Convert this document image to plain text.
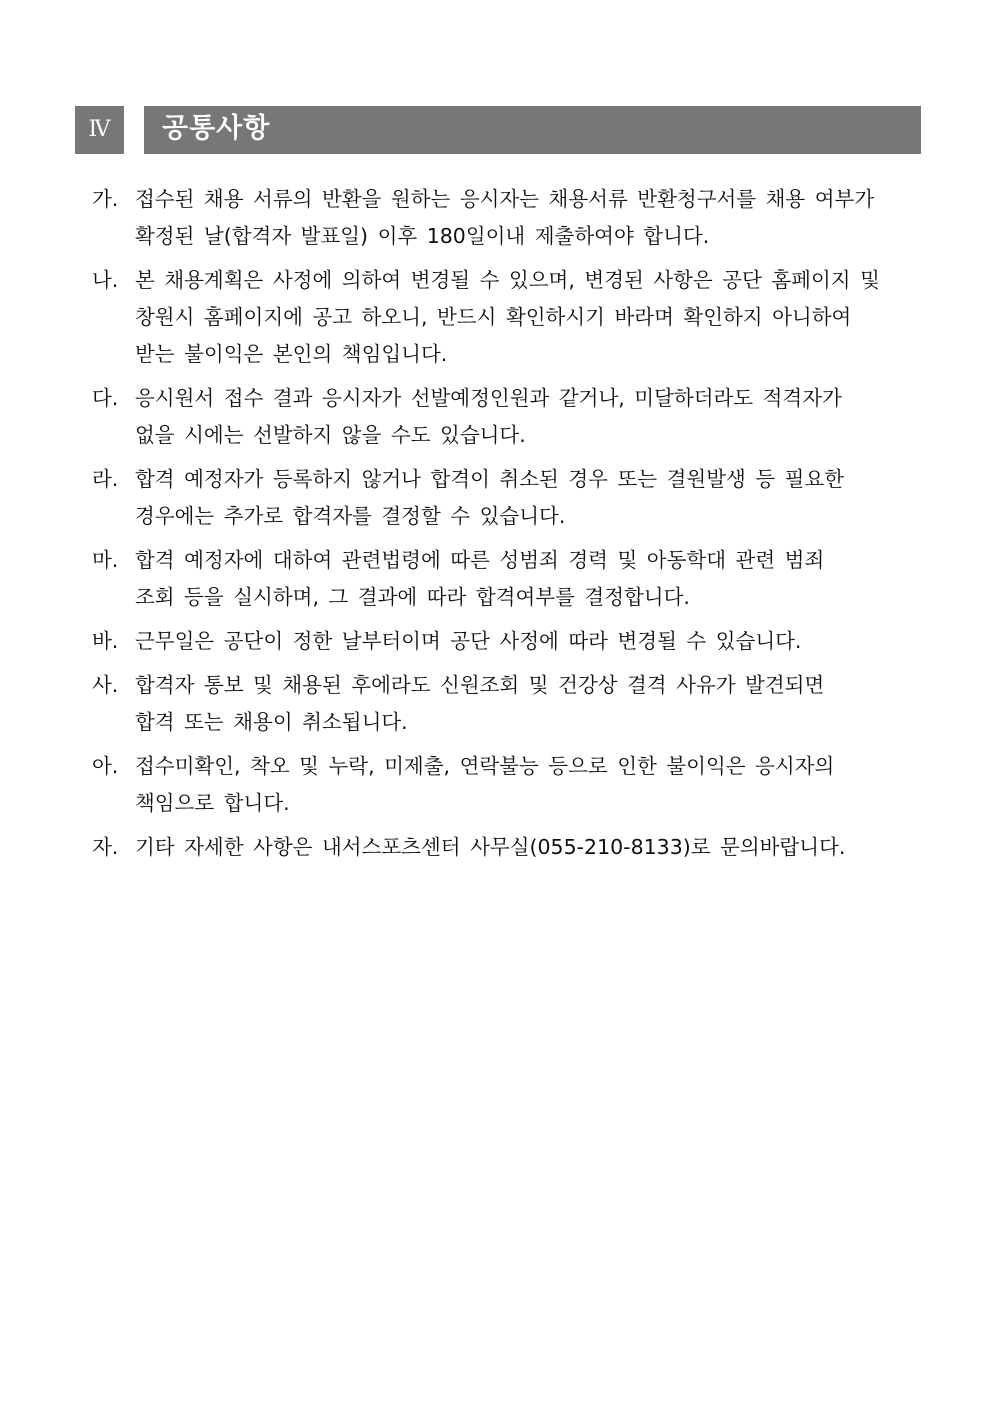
Ⅳ	공통사항
가. 접수된 채용 서류의 반환을 원하는 응시자는 채용서류 반환청구서를 채용 여부가
확정된 날(합격자 발표일) 이후 180일이내 제출하여야 합니다.
나. 본 채용계획은 사정에 의하여 변경될 수 있으며, 변경된 사항은 공단 홈페이지 및
창원시 홈페이지에 공고 하오니, 반드시 확인하시기 바라며 확인하지 아니하여
받는 불이익은 본인의 책임입니다.
다. 응시원서 접수 결과 응시자가 선발예정인원과 같거나, 미달하더라도 적격자가
없을 시에는 선발하지 않을 수도 있습니다.
라. 합격 예정자가 등록하지 않거나 합격이 취소된 경우 또는 결원발생 등 필요한
경우에는 추가로 합격자를 결정할 수 있습니다.
마. 합격 예정자에 대하여 관련법령에 따른 성범죄 경력 및 아동학대 관련 범죄
조회 등을 실시하며, 그 결과에 따라 합격여부를 결정합니다.
바. 근무일은 공단이 정한 날부터이며 공단 사정에 따라 변경될 수 있습니다.
사. 합격자 통보 및 채용된 후에라도 신원조회 및 건강상 결격 사유가 발견되면
합격 또는 채용이 취소됩니다.
아. 접수미확인, 착오 및 누락, 미제출, 연락불능 등으로 인한 불이익은 응시자의
책임으로 합니다.
자. 기타 자세한 사항은 내서스포츠센터 사무실(055-210-8133)로 문의바랍니다.
